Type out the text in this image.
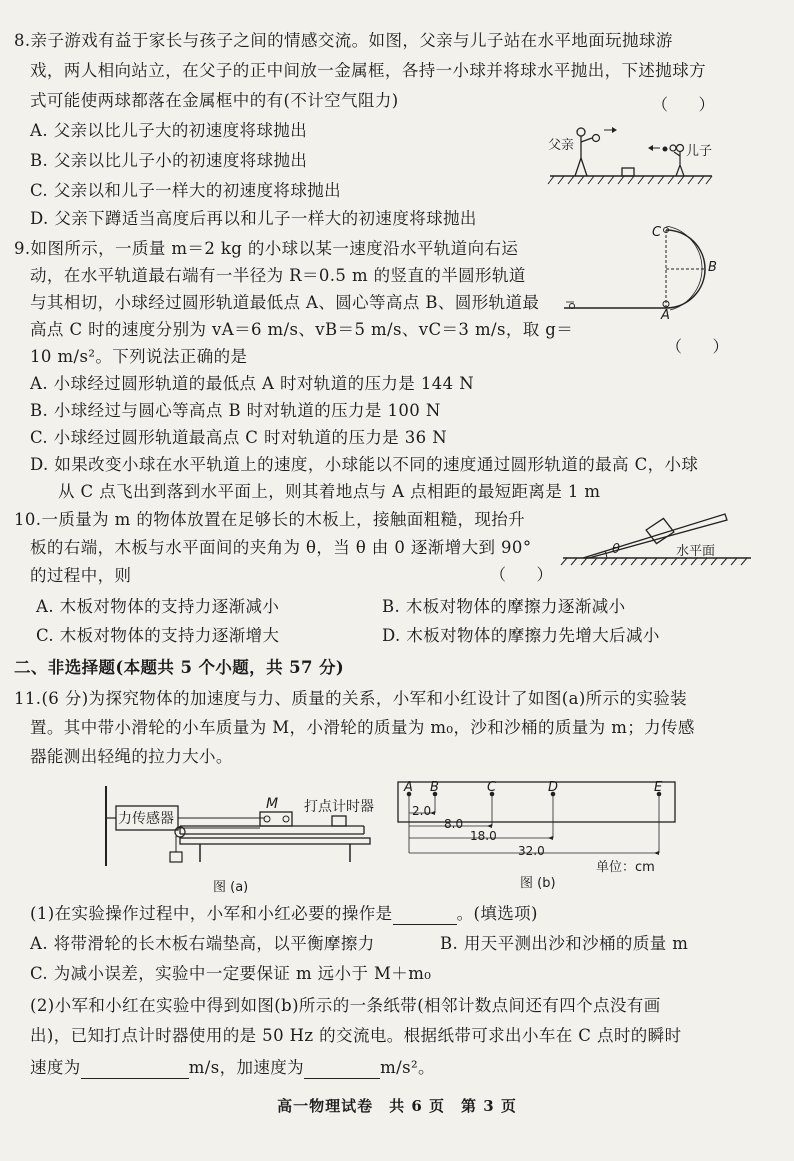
8.亲子游戏有益于家长与孩子之间的情感交流。如图，父亲与儿子站在水平地面玩抛球游
戏，两人相向站立，在父子的正中间放一金属框，各持一小球并将球水平抛出，下述抛球方
式可能使两球都落在金属框中的有(不计空气阻力)	（      ）
A. 父亲以比儿子大的初速度将球抛出
B. 父亲以比儿子小的初速度将球抛出
C. 父亲以和儿子一样大的初速度将球抛出
D. 父亲下蹲适当高度后再以和儿子一样大的初速度将球抛出
父亲	儿子
9.如图所示，一质量 m＝2 kg 的小球以某一速度沿水平轨道向右运
动，在水平轨道最右端有一半径为 R＝0.5 m 的竖直的半圆形轨道
与其相切，小球经过圆形轨道最低点 A、圆心等高点 B、圆形轨道最
高点 C 时的速度分别为 vA＝6 m/s、vB＝5 m/s、vC＝3 m/s，取 g＝
10 m/s²。下列说法正确的是
（      ）
A. 小球经过圆形轨道的最低点 A 时对轨道的压力是 144 N
B. 小球经过与圆心等高点 B 时对轨道的压力是 100 N
C. 小球经过圆形轨道最高点 C 时对轨道的压力是 36 N
D. 如果改变小球在水平轨道上的速度，小球能以不同的速度通过圆形轨道的最高 C，小球
从 C 点飞出到落到水平面上，则其着地点与 A 点相距的最短距离是 1 m
C
B
A
10.一质量为 m 的物体放置在足够长的木板上，接触面粗糙，现抬升
板的右端，木板与水平面间的夹角为 θ，当 θ 由 0 逐渐增大到 90°
的过程中，则	（      ）
A. 木板对物体的支持力逐渐减小	B. 木板对物体的摩擦力逐渐减小
C. 木板对物体的支持力逐渐增大	D. 木板对物体的摩擦力先增大后减小
θ	水平面
二、非选择题(本题共 5 个小题，共 57 分)
11.(6 分)为探究物体的加速度与力、质量的关系，小军和小红设计了如图(a)所示的实验装
置。其中带小滑轮的小车质量为 M，小滑轮的质量为 m₀，沙和沙桶的质量为 m；力传感
器能测出轻绳的拉力大小。
力传感器
M 打点计时器
图 (a)
A B	C	D	E
2.0
8.0
18.0
32.0
单位：cm
图 (b)
(1)在实验操作过程中，小军和小红必要的操作是	。(填选项)
A. 将带滑轮的长木板右端垫高，以平衡摩擦力	B. 用天平测出沙和沙桶的质量 m
C. 为减小误差，实验中一定要保证 m 远小于 M＋m₀
(2)小军和小红在实验中得到如图(b)所示的一条纸带(相邻计数点间还有四个点没有画
出)，已知打点计时器使用的是 50 Hz 的交流电。根据纸带可求出小车在 C 点时的瞬时
速度为	m/s，加速度为	m/s²。
高一物理试卷　共 6 页　第 3 页
